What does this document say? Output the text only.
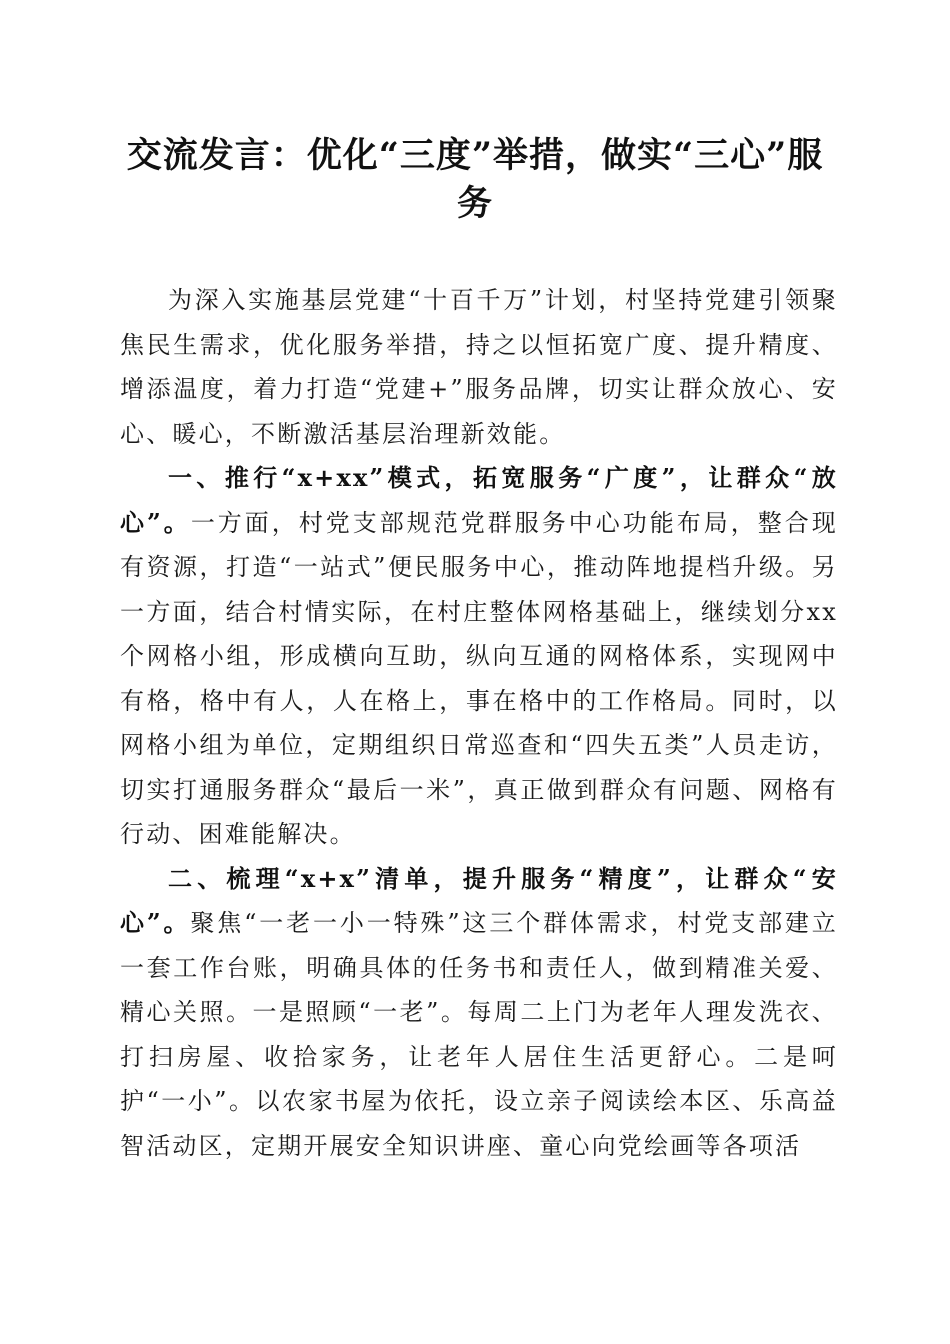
交流发言：优化“三度”举措，做实“三心”服务

为深入实施基层党建“十百千万”计划，村坚持党建引领聚焦民生需求，优化服务举措，持之以恒拓宽广度、提升精度、增添温度，着力打造“党建+”服务品牌，切实让群众放心、安心、暖心，不断激活基层治理新效能。

一、推行“x+xx”模式，拓宽服务“广度”，让群众“放心”。一方面，村党支部规范党群服务中心功能布局，整合现有资源，打造“一站式”便民服务中心，推动阵地提档升级。另一方面，结合村情实际，在村庄整体网格基础上，继续划分xx个网格小组，形成横向互助，纵向互通的网格体系，实现网中有格，格中有人，人在格上，事在格中的工作格局。同时，以网格小组为单位，定期组织日常巡查和“四失五类”人员走访，切实打通服务群众“最后一米”，真正做到群众有问题、网格有行动、困难能解决。

二、梳理“x+x”清单，提升服务“精度”，让群众“安心”。聚焦“一老一小一特殊”这三个群体需求，村党支部建立一套工作台账，明确具体的任务书和责任人，做到精准关爱、精心关照。一是照顾“一老”。每周二上门为老年人理发洗衣、打扫房屋、收拾家务，让老年人居住生活更舒心。二是呵护“一小”。以农家书屋为依托，设立亲子阅读绘本区、乐高益智活动区，定期开展安全知识讲座、童心向党绘画等各项活
